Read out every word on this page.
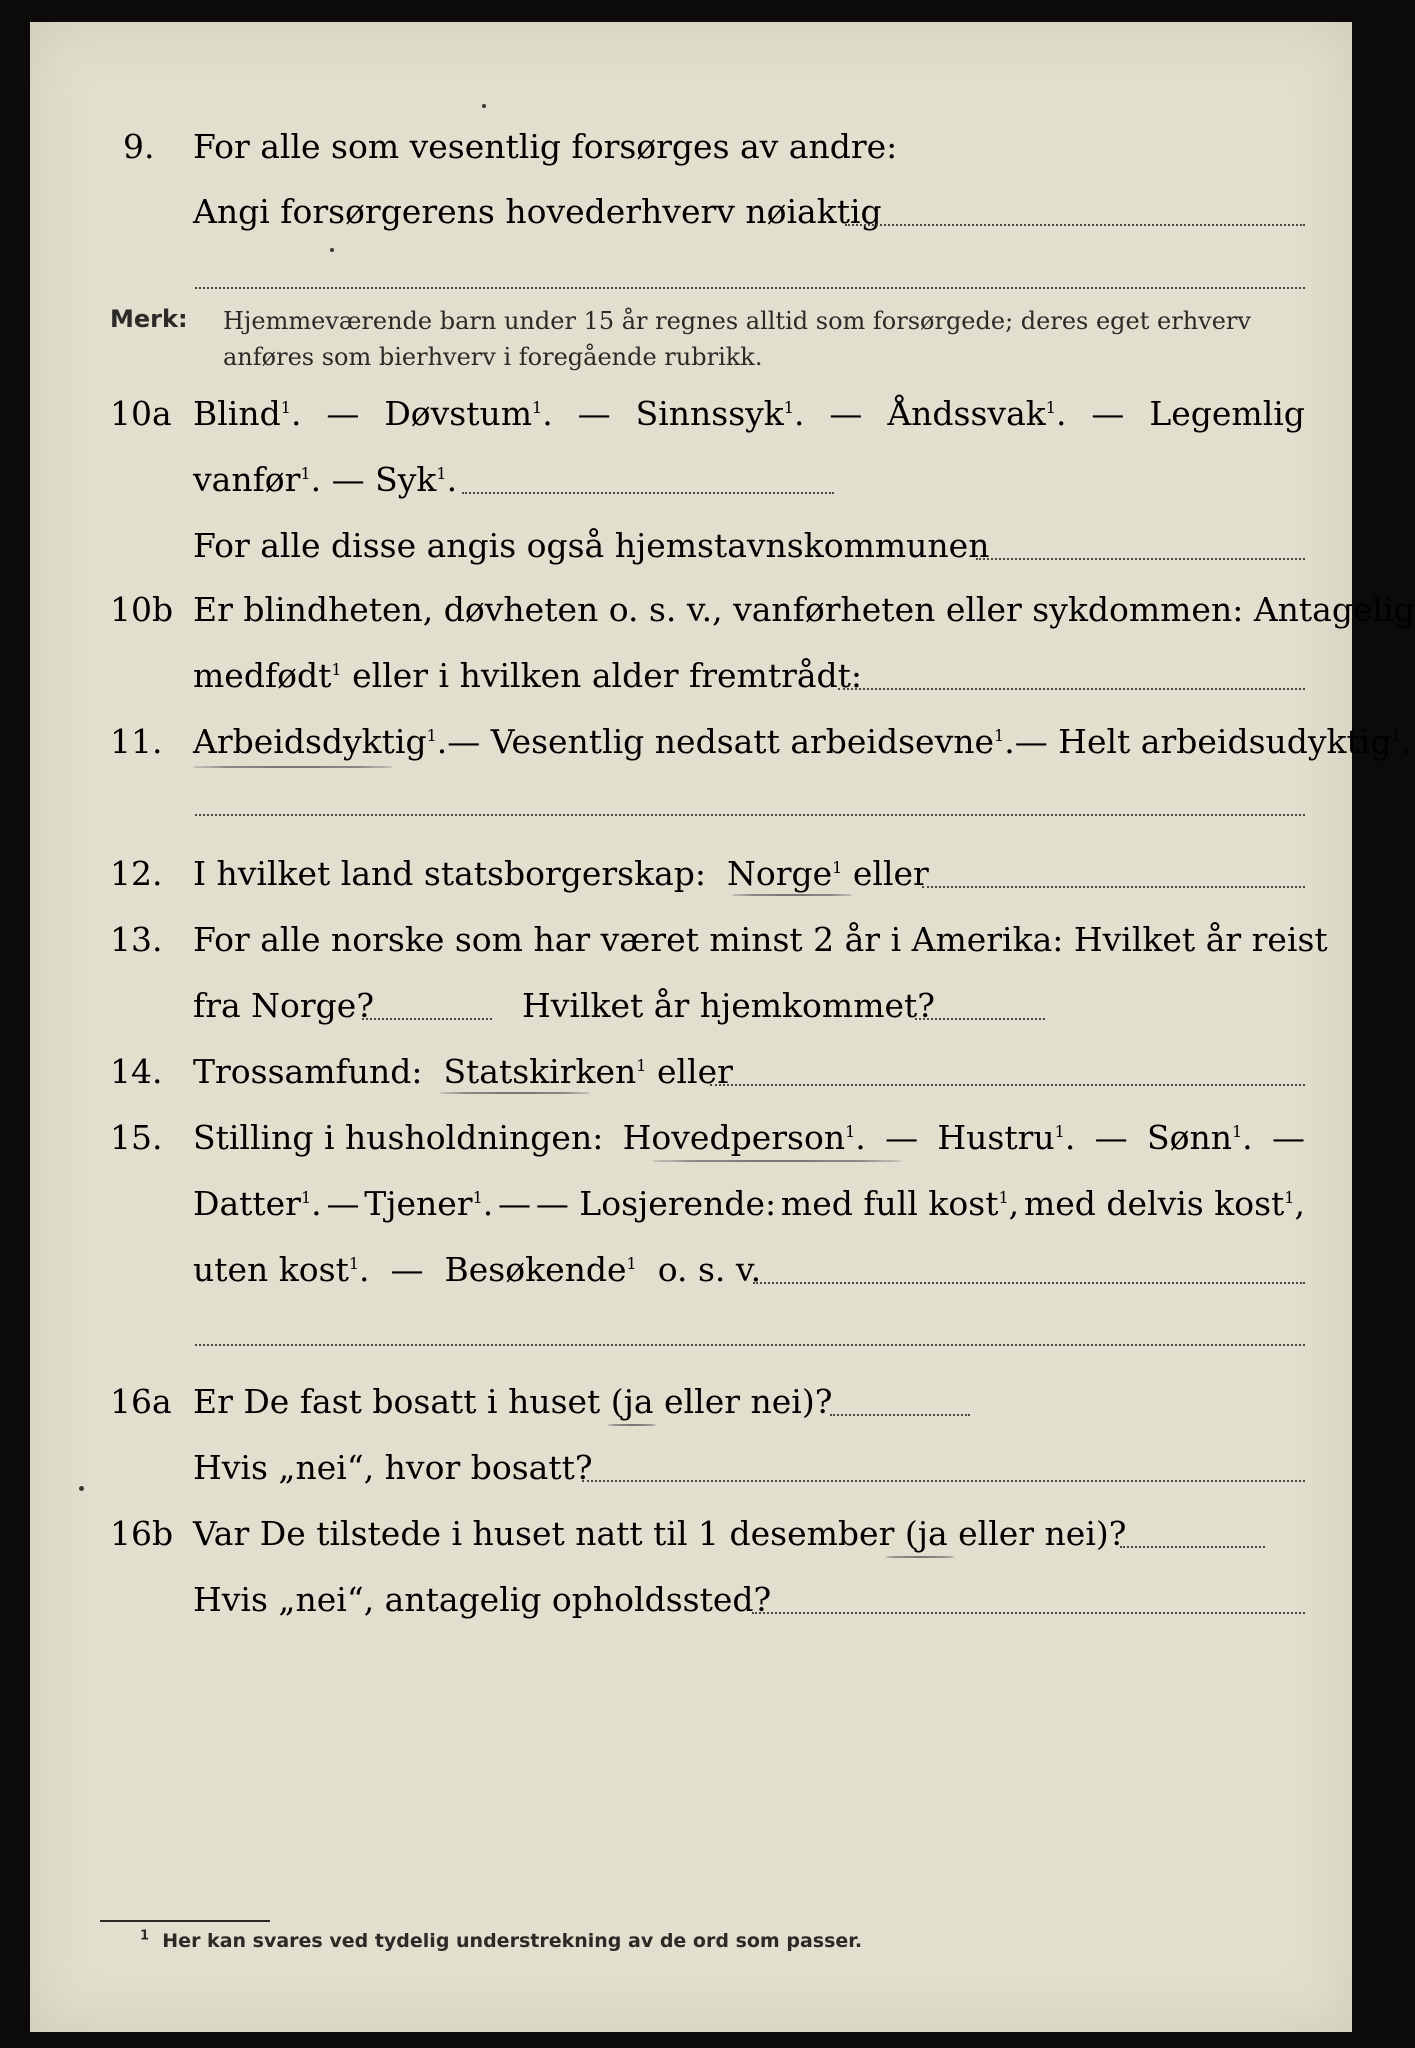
9. For alle som vesentlig forsørges av andre:
Angi forsørgerens hovederhverv nøiaktig
Merk: Hjemmeværende barn under 15 år regnes alltid som forsørgede; deres eget erhverv
anføres som bierhverv i foregående rubrikk.
10a Blind$^1$. — Døvstum$^1$. — Sinnssyk$^1$. — Åndssvak$^1$. — Legemlig
vanfør$^1$. — Syk$^1$.
For alle disse angis også hjemstavnskommunen
10b Er blindheten, døvheten o. s. v., vanførheten eller sykdommen: Antagelig
medfødt$^1$ eller i hvilken alder fremtrådt:
11. Arbeidsdyktig$^1$. — Vesentlig nedsatt arbeidsevne$^1$. — Helt arbeidsudyktig$^1$.
12. I hvilket land statsborgerskap: Norge$^1$ eller
13. For alle norske som har været minst 2 år i Amerika: Hvilket år reist
fra Norge?	Hvilket år hjemkommet?
14. Trossamfund: Statskirken$^1$ eller
15. Stilling i husholdningen: Hovedperson$^1$. — Hustru$^1$. — Sønn$^1$. —
Datter$^1$. — Tjener$^1$. — — Losjerende: med full kost$^1$, med delvis kost$^1$,
uten kost$^1$. — Besøkende$^1$ o. s. v.
16a Er De fast bosatt i huset (ja eller nei)?
Hvis „nei“, hvor bosatt?
16b Var De tilstede i huset natt til 1 desember (ja eller nei)?
Hvis „nei“, antagelig opholdssted?
$^1$ Her kan svares ved tydelig understrekning av de ord som passer.
